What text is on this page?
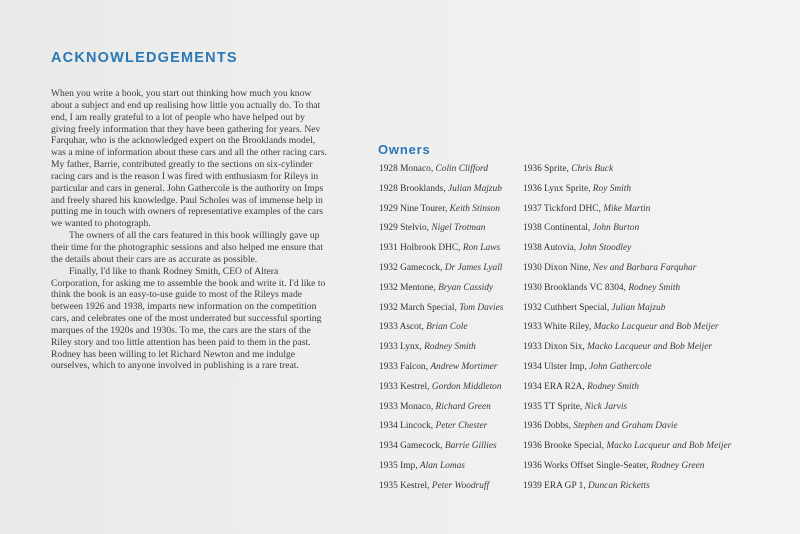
ACKNOWLEDGEMENTS

When you write a book, you start out thinking how much you know about a subject and end up realising how little you actually do. To that end, I am really grateful to a lot of people who have helped out by giving freely information that they have been gathering for years. Nev Farquhar, who is the acknowledged expert on the Brooklands model, was a mine of information about these cars and all the other racing cars. My father, Barrie, contributed greatly to the sections on six-cylinder racing cars and is the reason I was fired with enthusiasm for Rileys in particular and cars in general. John Gathercole is the authority on Imps and freely shared his knowledge. Paul Scholes was of immense help in putting me in touch with owners of representative examples of the cars we wanted to photograph.

The owners of all the cars featured in this book willingly gave up their time for the photographic sessions and also helped me ensure that the details about their cars are as accurate as possible.

Finally, I'd like to thank Rodney Smith, CEO of Altera Corporation, for asking me to assemble the book and write it. I'd like to think the book is an easy-to-use guide to most of the Rileys made between 1926 and 1938, imparts new information on the competition cars, and celebrates one of the most underrated but successful sporting marques of the 1920s and 1930s. To me, the cars are the stars of the Riley story and too little attention has been paid to them in the past. Rodney has been willing to let Richard Newton and me indulge ourselves, which to anyone involved in publishing is a rare treat.

Owners
1928 Monaco, Colin Clifford
1928 Brooklands, Julian Majzub
1929 Nine Tourer, Keith Stinson
1929 Stelvio, Nigel Trotman
1931 Holbrook DHC, Ron Laws
1932 Gamecock, Dr James Lyall
1932 Mentone, Bryan Cassidy
1932 March Special, Tom Davies
1933 Ascot, Brian Cole
1933 Lynx, Rodney Smith
1933 Falcon, Andrew Mortimer
1933 Kestrel, Gordon Middleton
1933 Monaco, Richard Green
1934 Lincock, Peter Chester
1934 Gamecock, Barrie Gillies
1935 Imp, Alan Lomas
1935 Kestrel, Peter Woodruff
1936 Sprite, Chris Buck
1936 Lynx Sprite, Roy Smith
1937 Tickford DHC, Mike Martin
1938 Continental, John Burton
1938 Autovia, John Stoodley
1930 Dixon Nine, Nev and Barbara Farquhar
1930 Brooklands VC 8304, Rodney Smith
1932 Cuthbert Special, Julian Majzub
1933 White Riley, Macko Lacqueur and Bob Meijer
1933 Dixon Six, Macko Lacqueur and Bob Meijer
1934 Ulster Imp, John Gathercole
1934 ERA R2A, Rodney Smith
1935 TT Sprite, Nick Jarvis
1936 Dobbs, Stephen and Graham Davie
1936 Brooke Special, Macko Lacqueur and Bob Meijer
1936 Works Offset Single-Seater, Rodney Green
1939 ERA GP 1, Duncan Ricketts
